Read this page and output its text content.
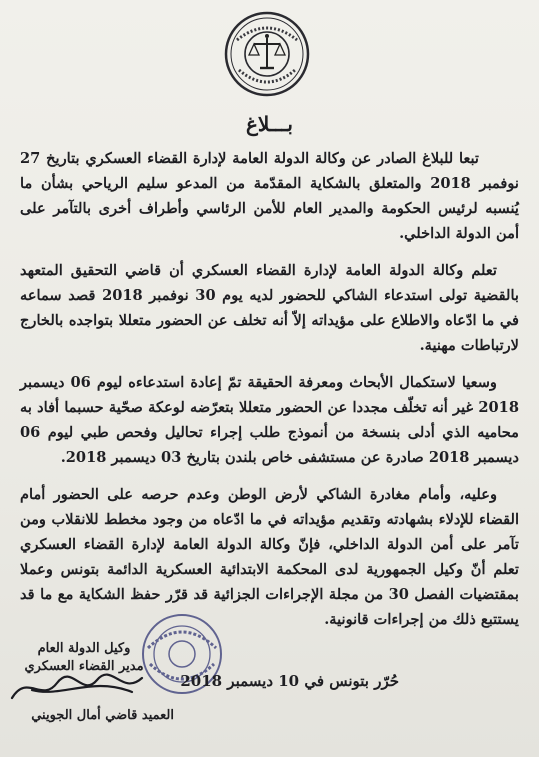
بـــلاغ

تبعا للبلاغ الصادر عن وكالة الدولة العامة لإدارة القضاء العسكري بتاريخ 27 نوفمبر 2018 والمتعلق بالشكاية المقدّمة من المدعو سليم الرياحي بشأن ما يُنسبه لرئيس الحكومة والمدير العام للأمن الرئاسي وأطراف أخرى بالتآمر على أمن الدولة الداخلي.

تعلم وكالة الدولة العامة لإدارة القضاء العسكري أن قاضي التحقيق المتعهد بالقضية تولى استدعاء الشاكي للحضور لديه يوم 30 نوفمبر 2018 قصد سماعه في ما ادّعاه والاطلاع على مؤيداته إلاّ أنه تخلف عن الحضور متعللا بتواجده بالخارج لارتباطات مهنية.

وسعيا لاستكمال الأبحاث ومعرفة الحقيقة تمّ إعادة استدعاءه ليوم 06 ديسمبر 2018 غير أنه تخلّف مجددا عن الحضور متعللا بتعرّضه لوعكة صحّية حسبما أفاد به محاميه الذي أدلى بنسخة من أنموذج طلب إجراء تحاليل وفحص طبي ليوم 06 ديسمبر 2018 صادرة عن مستشفى خاص بلندن بتاريخ 03 ديسمبر 2018.

وعليه، وأمام مغادرة الشاكي لأرض الوطن وعدم حرصه على الحضور أمام القضاء للإدلاء بشهادته وتقديم مؤيداته في ما ادّعاه من وجود مخطط للانقلاب ومن تآمر على أمن الدولة الداخلي، فإنّ وكالة الدولة العامة لإدارة القضاء العسكري تعلم أنّ وكيل الجمهورية لدى المحكمة الابتدائية العسكرية الدائمة بتونس وعملا بمقتضيات الفصل 30 من مجلة الإجراءات الجزائية قد قرّر حفظ الشكاية مع ما قد يستتبع ذلك من إجراءات قانونية.

وكيل الدولة العام
مدير القضاء العسكري
العميد قاضي أمال الجويني
حُرّر بتونس في 10 ديسمبر 2018
